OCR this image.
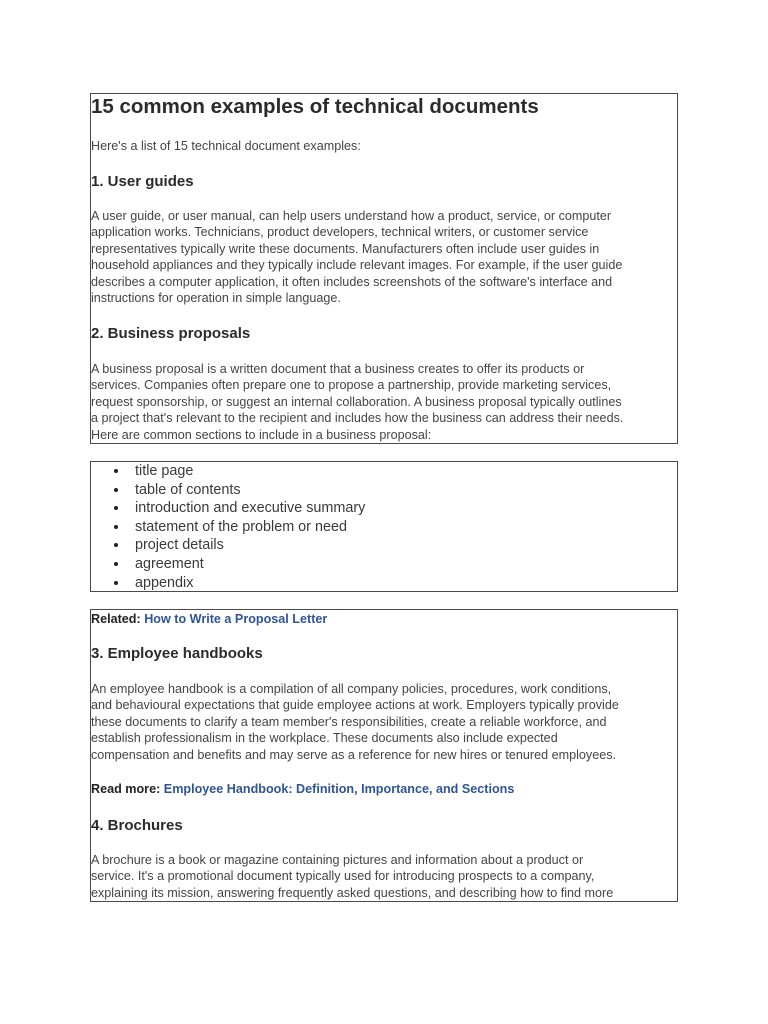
15 common examples of technical documents
Here's a list of 15 technical document examples:
1. User guides
A user guide, or user manual, can help users understand how a product, service, or computer
application works. Technicians, product developers, technical writers, or customer service
representatives typically write these documents. Manufacturers often include user guides in
household appliances and they typically include relevant images. For example, if the user guide
describes a computer application, it often includes screenshots of the software's interface and
instructions for operation in simple language.
2. Business proposals
A business proposal is a written document that a business creates to offer its products or
services. Companies often prepare one to propose a partnership, provide marketing services,
request sponsorship, or suggest an internal collaboration. A business proposal typically outlines
a project that's relevant to the recipient and includes how the business can address their needs.
Here are common sections to include in a business proposal:
title page
table of contents
introduction and executive summary
statement of the problem or need
project details
agreement
appendix
Related: How to Write a Proposal Letter
3. Employee handbooks
An employee handbook is a compilation of all company policies, procedures, work conditions,
and behavioural expectations that guide employee actions at work. Employers typically provide
these documents to clarify a team member's responsibilities, create a reliable workforce, and
establish professionalism in the workplace. These documents also include expected
compensation and benefits and may serve as a reference for new hires or tenured employees.
Read more: Employee Handbook: Definition, Importance, and Sections
4. Brochures
A brochure is a book or magazine containing pictures and information about a product or
service. It's a promotional document typically used for introducing prospects to a company,
explaining its mission, answering frequently asked questions, and describing how to find more
